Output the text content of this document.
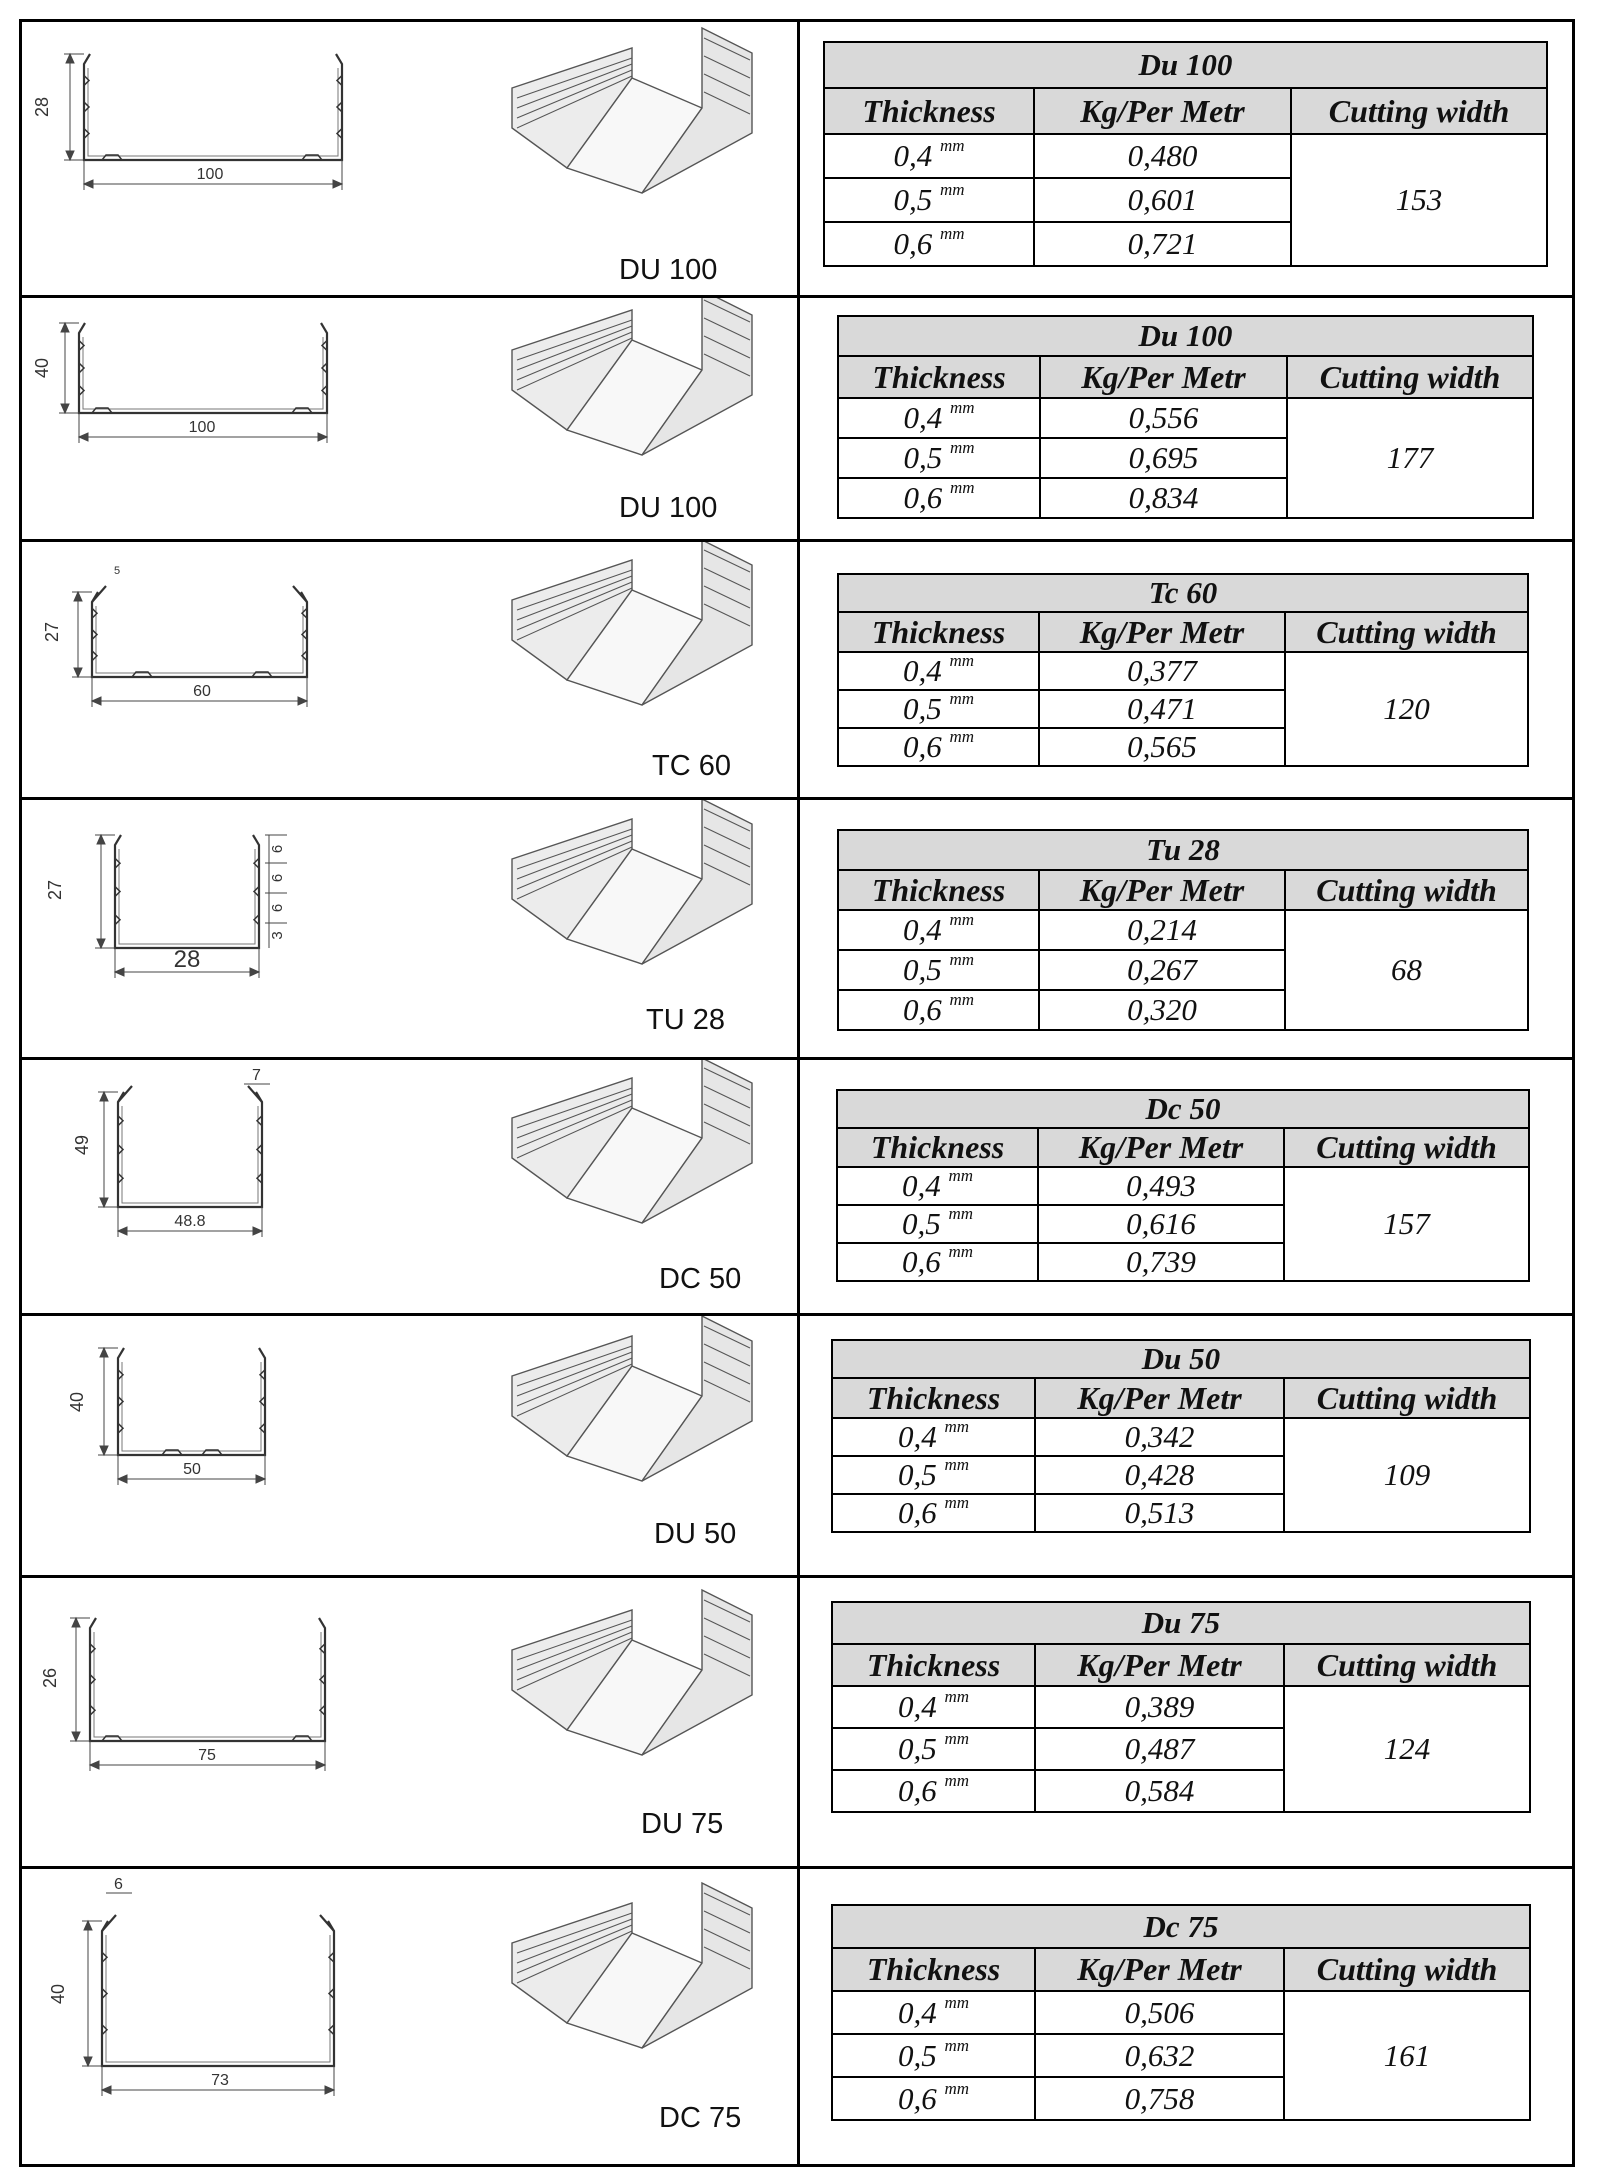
28
100
DU 100
Du 100		
Thickness	Kg/Per Metr	Cutting width
0,4 $^{mm}$	0,480	153
0,5 $^{mm}$	0,601	
0,6 $^{mm}$	0,721	
40
100
DU 100
Du 100		
Thickness	Kg/Per Metr	Cutting width
0,4 $^{mm}$	0,556	177
0,5 $^{mm}$	0,695	
0,6 $^{mm}$	0,834	
27
60
5
TC 60
Tc 60		
Thickness	Kg/Per Metr	Cutting width
0,4 $^{mm}$	0,377	120
0,5 $^{mm}$	0,471	
0,6 $^{mm}$	0,565	
27
28
6
6
6
3
TU 28
Tu 28		
Thickness	Kg/Per Metr	Cutting width
0,4 $^{mm}$	0,214	68
0,5 $^{mm}$	0,267	
0,6 $^{mm}$	0,320	
49
48.8
7
DC 50
Dc 50		
Thickness	Kg/Per Metr	Cutting width
0,4 $^{mm}$	0,493	157
0,5 $^{mm}$	0,616	
0,6 $^{mm}$	0,739	
40
50
DU 50
Du 50		
Thickness	Kg/Per Metr	Cutting width
0,4 $^{mm}$	0,342	109
0,5 $^{mm}$	0,428	
0,6 $^{mm}$	0,513	
26
75
DU 75
Du 75		
Thickness	Kg/Per Metr	Cutting width
0,4 $^{mm}$	0,389	124
0,5 $^{mm}$	0,487	
0,6 $^{mm}$	0,584	
40
73
6
DC 75
Dc 75		
Thickness	Kg/Per Metr	Cutting width
0,4 $^{mm}$	0,506	161
0,5 $^{mm}$	0,632	
0,6 $^{mm}$	0,758	
